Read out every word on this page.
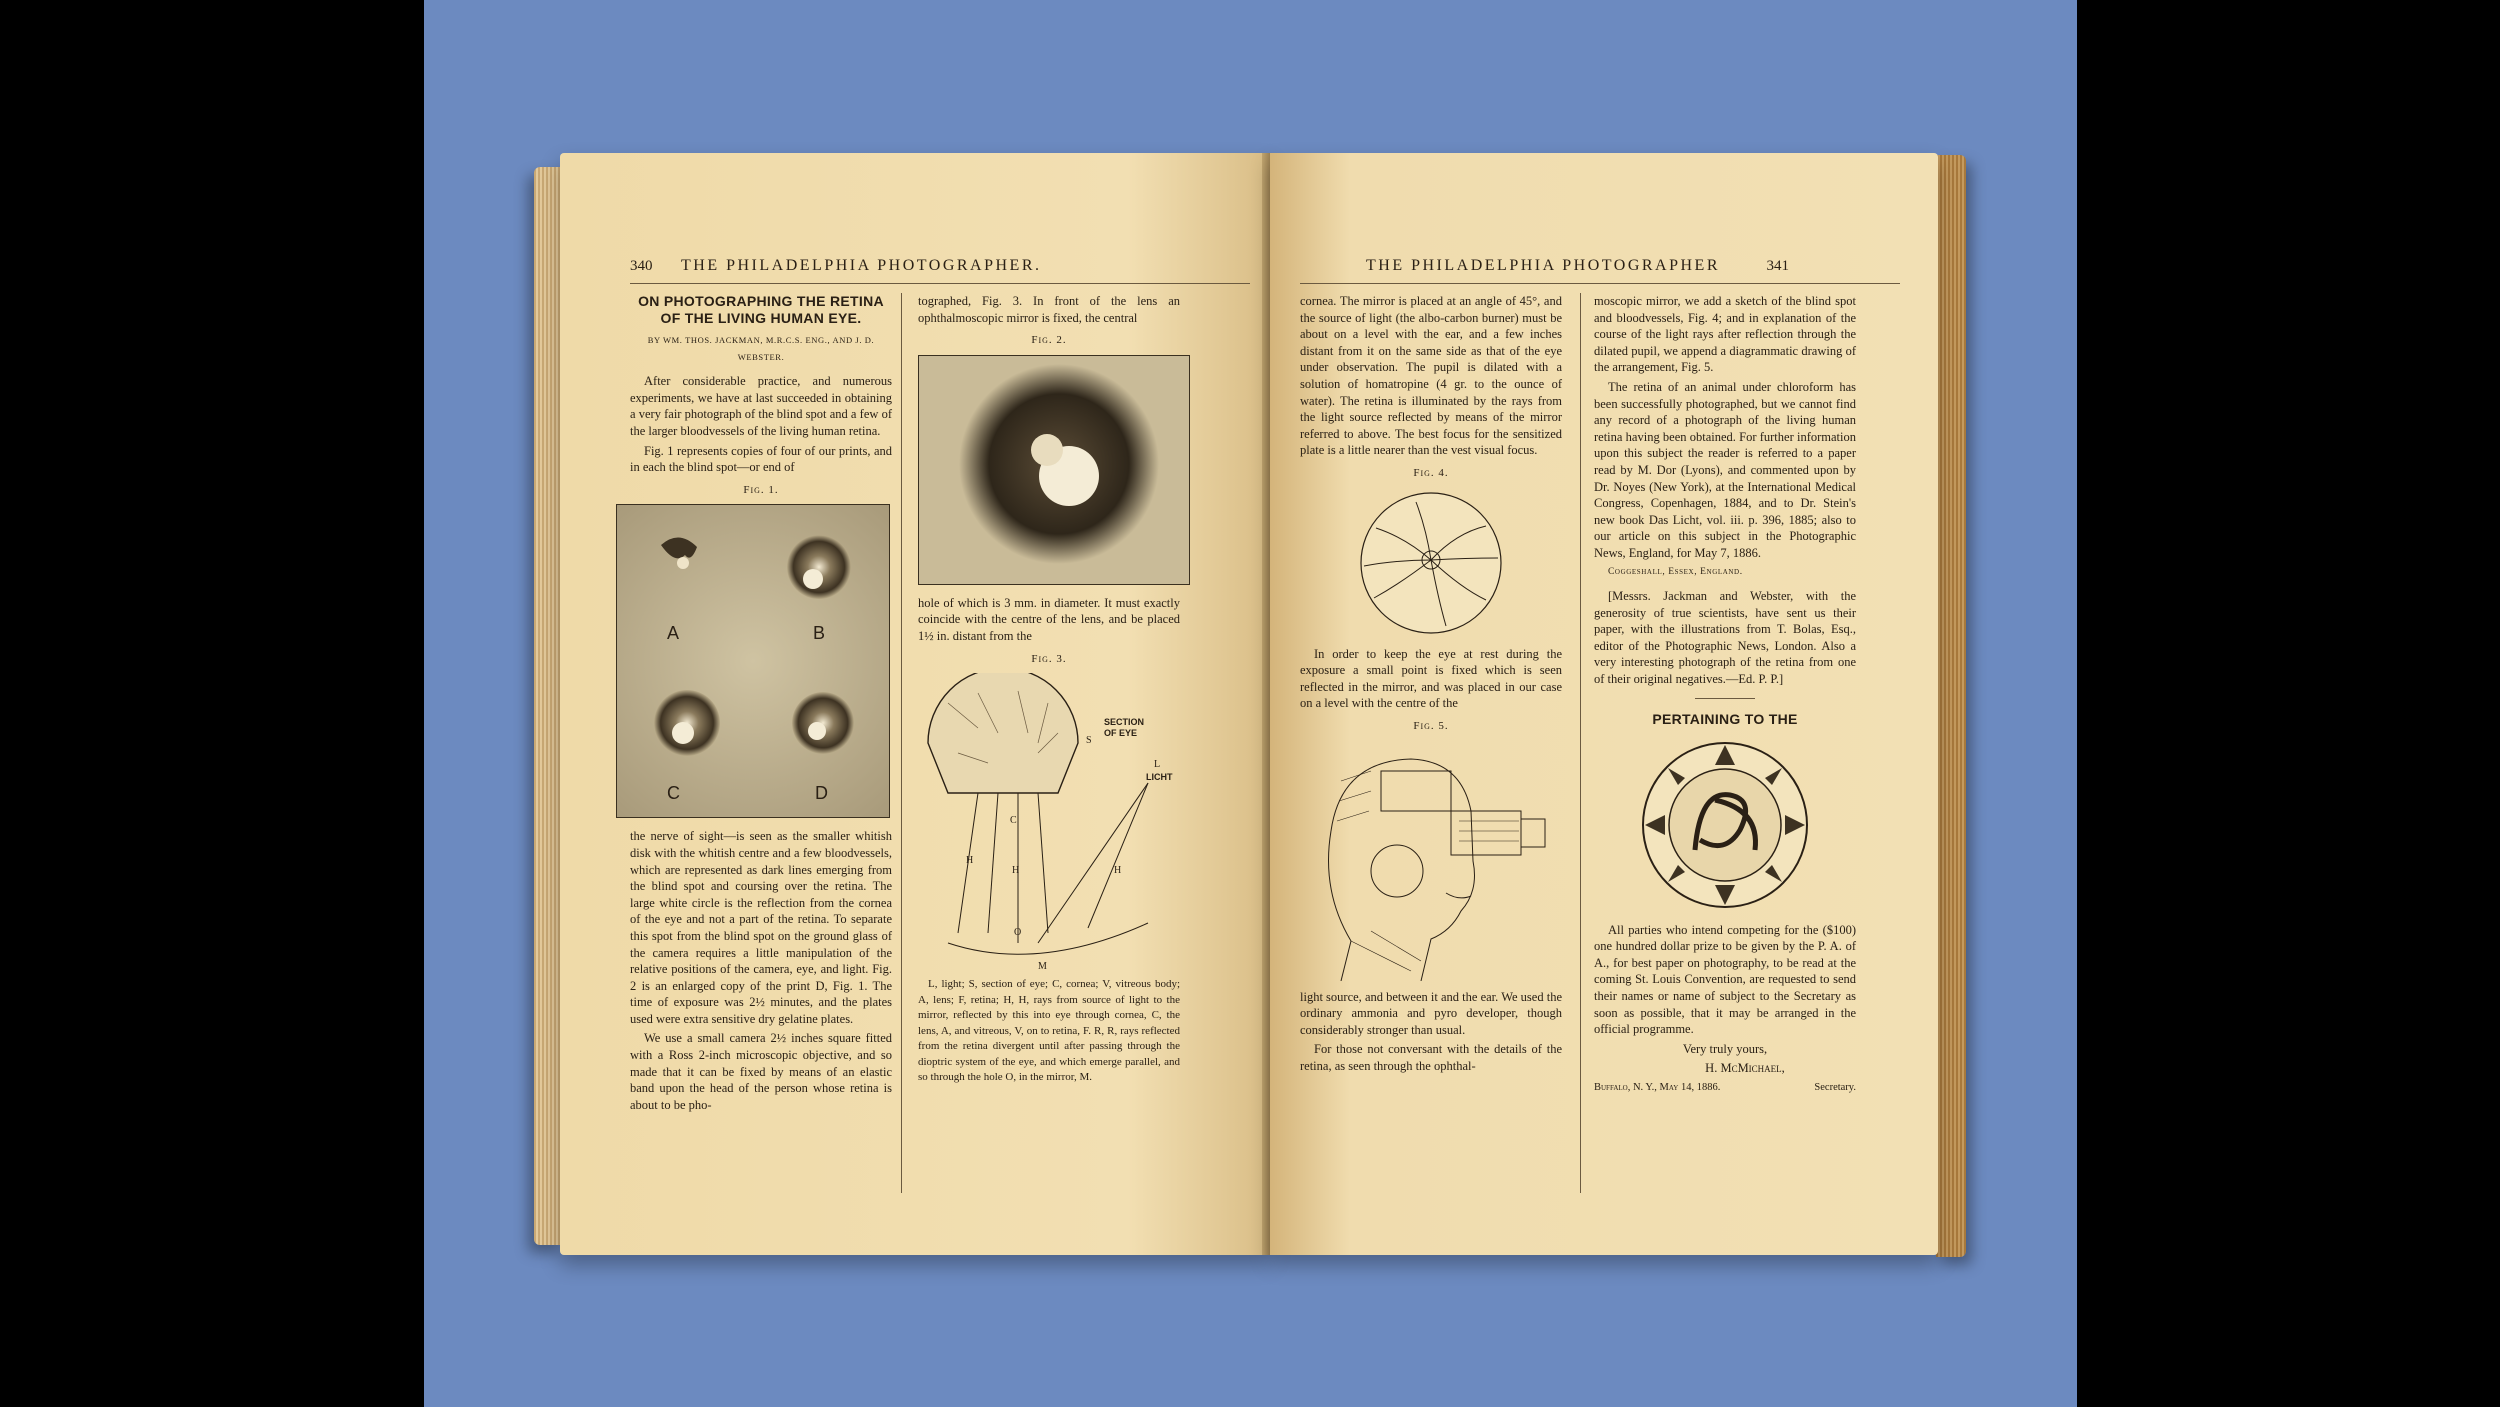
340 THE PHILADELPHIA PHOTOGRAPHER.
ON PHOTOGRAPHING THE RETINA OF THE LIVING HUMAN EYE.
BY WM. THOS. JACKMAN, M.R.C.S. ENG., AND J. D. WEBSTER.

After considerable practice, and numerous experiments, we have at last succeeded in obtaining a very fair photograph of the blind spot and a few of the larger bloodvessels of the living human retina.

Fig. 1 represents copies of four of our prints, and in each the blind spot—or end of

Fig. 1.
A	B
C	D

the nerve of sight—is seen as the smaller whitish disk with the whitish centre and a few bloodvessels, which are represented as dark lines emerging from the blind spot and coursing over the retina. The large white circle is the reflection from the cornea of the eye and not a part of the retina. To separate this spot from the blind spot on the ground glass of the camera requires a little manipulation of the relative positions of the camera, eye, and light. Fig. 2 is an enlarged copy of the print D, Fig. 1. The time of exposure was 2½ minutes, and the plates used were extra sensitive dry gelatine plates.

We use a small camera 2½ inches square fitted with a Ross 2-inch microscopic objective, and so made that it can be fixed by means of an elastic band upon the head of the person whose retina is about to be pho-

tographed, Fig. 3. In front of the lens an ophthalmoscopic mirror is fixed, the central

Fig. 2.

hole of which is 3 mm. in diameter. It must exactly coincide with the centre of the lens, and be placed 1½ in. distant from the

Fig. 3.
SECTION OF EYE
LICHT
S
L
H
H	H
C
M
O

L, light; S, section of eye; C, cornea; V, vitreous body; A, lens; F, retina; H, H, rays from source of light to the mirror, reflected by this into eye through cornea, C, the lens, A, and vitreous, V, on to retina, F. R, R, rays reflected from the retina divergent until after passing through the dioptric system of the eye, and which emerge parallel, and so through the hole O, in the mirror, M.

THE PHILADELPHIA PHOTOGRAPHER	341

cornea. The mirror is placed at an angle of 45°, and the source of light (the albo-carbon burner) must be about on a level with the ear, and a few inches distant from it on the same side as that of the eye under observation. The pupil is dilated with a solution of homatropine (4 gr. to the ounce of water). The retina is illuminated by the rays from the light source reflected by means of the mirror referred to above. The best focus for the sensitized plate is a little nearer than the vest visual focus.

Fig. 4.

In order to keep the eye at rest during the exposure a small point is fixed which is seen reflected in the mirror, and was placed in our case on a level with the centre of the

Fig. 5.

light source, and between it and the ear. We used the ordinary ammonia and pyro developer, though considerably stronger than usual.

For those not conversant with the details of the retina, as seen through the ophthal-

moscopic mirror, we add a sketch of the blind spot and bloodvessels, Fig. 4; and in explanation of the course of the light rays after reflection through the dilated pupil, we append a diagrammatic drawing of the arrangement, Fig. 5.

The retina of an animal under chloroform has been successfully photographed, but we cannot find any record of a photograph of the living human retina having been obtained. For further information upon this subject the reader is referred to a paper read by M. Dor (Lyons), and commented upon by Dr. Noyes (New York), at the International Medical Congress, Copenhagen, 1884, and to Dr. Stein's new book Das Licht, vol. iii. p. 396, 1885; also to our article on this subject in the Photographic News, England, for May 7, 1886.

Coggeshall, Essex, England.

[Messrs. Jackman and Webster, with the generosity of true scientists, have sent us their paper, with the illustrations from T. Bolas, Esq., editor of the Photographic News, London. Also a very interesting photograph of the retina from one of their original negatives.—Ed. P. P.]

PERTAINING TO THE

All parties who intend competing for the ($100) one hundred dollar prize to be given by the P. A. of A., for best paper on photography, to be read at the coming St. Louis Convention, are requested to send their names or name of subject to the Secretary as soon as possible, that it may be arranged in the official programme.

Very truly yours,

H. McMichael,

Buffalo, N. Y., May 14, 1886.	Secretary.
